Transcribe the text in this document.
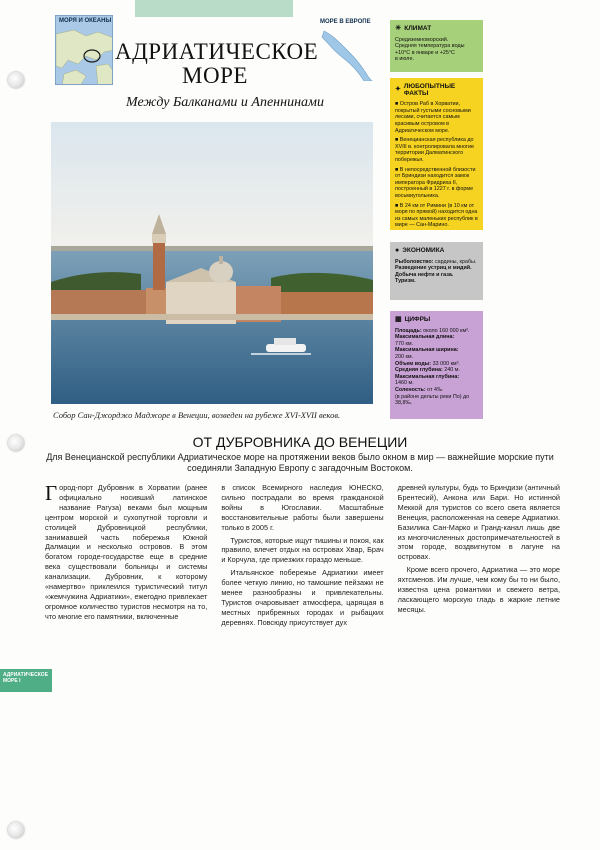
МОРЯ И ОКЕАНЫ	МОРЕ В ЕВРОПЕ
АДРИАТИЧЕСКОЕ
МОРЕ
Между Балканами и Апеннинами
Собор Сан-Джорджо Маджоре в Венеции, возведен на рубеже XVI-XVII веков.
☀ КЛИМАТ
Средиземноморский.
Средняя температура воды
+10°С в январе и +25°С
в июле.
✦ ЛЮБОПЫТНЫЕ
ФАКТЫ

■ Остров Раб в Хорватии, покрытый густыми сосновыми лесами, считается самым красивым островом в Адриатическом море.

■ Венецианская республика до XVIII в. контролировала многие территории Далматинского побережья.

■ В непосредственной близости от Бриндизи находится замок императора Фридриха II, построенный в 1227 г. в форме восьмиугольника.

■ В 24 км от Римини (в 10 км от моря по прямой) находится одна из самых маленьких республик в мире — Сан-Марино.

● ЭКОНОМИКА
Рыболовство: сардины, крабы.
Разведение устриц и мидий.
Добыча нефти и газа.
Туризм.
▦ ЦИФРЫ
Площадь: около 160 000 км².
Максимальная длина:
770 км.
Максимальная ширина:
200 км.
Объем воды: 33 000 км³.
Средняя глубина: 240 м.
Максимальная глубина:
1460 м.
Соленость: от 4‰
(в районе дельты реки По) до 38,8‰.
ОТ ДУБРОВНИКА ДО ВЕНЕЦИИ
Для Венецианской республики Адриатическое море на протяжении веков было окном в мир — важнейшие морские пути соединяли Западную Европу с загадочным Востоком.

Город-порт Дубровник в Хорватии (ранее официально носивший латинское название Рагуза) веками был мощным центром морской и сухопутной торговли и столицей Дубровницкой республики, занимавшей часть побережья Южной Далмации и несколько островов. В этом богатом городе-государстве еще в средние века существовали больницы и системы канализации. Дубровник, к которому «намертво» приклеился туристический титул «жемчужина Адриатики», ежегодно привлекает огромное количество туристов несмотря на то, что многие его памятники, включенные

в список Всемирного наследия ЮНЕСКО, сильно пострадали во время гражданской войны в Югославии. Масштабные восстановительные работы были завершены только в 2005 г.

Туристов, которые ищут тишины и покоя, как правило, влечет отдых на островах Хвар, Брач и Корчула, где приезжих гораздо меньше.

Итальянское побережье Адриатики имеет более четкую линию, но тамошние пейзажи не менее разнообразны и привлекательны. Туристов очаровывает атмосфера, царящая в местных прибрежных городах и рыбацких деревнях. Повсюду присутствует дух

древней культуры, будь то Бриндизи (античный Брентесий), Анкона или Бари. Но истинной Меккой для туристов со всего света является Венеция, расположенная на севере Адриатики. Базилика Сан-Марко и Гранд-канал лишь две из многочисленных достопримечательностей в этом городе, воздвигнутом в лагуне на островах.

Кроме всего прочего, Адриатика — это море яхтсменов. Им лучше, чем кому бы то ни было, известна цена романтики и свежего ветра, ласкающего морскую гладь в жаркие летние месяцы.

АДРИАТИЧЕСКОЕ
МОРЕ I
